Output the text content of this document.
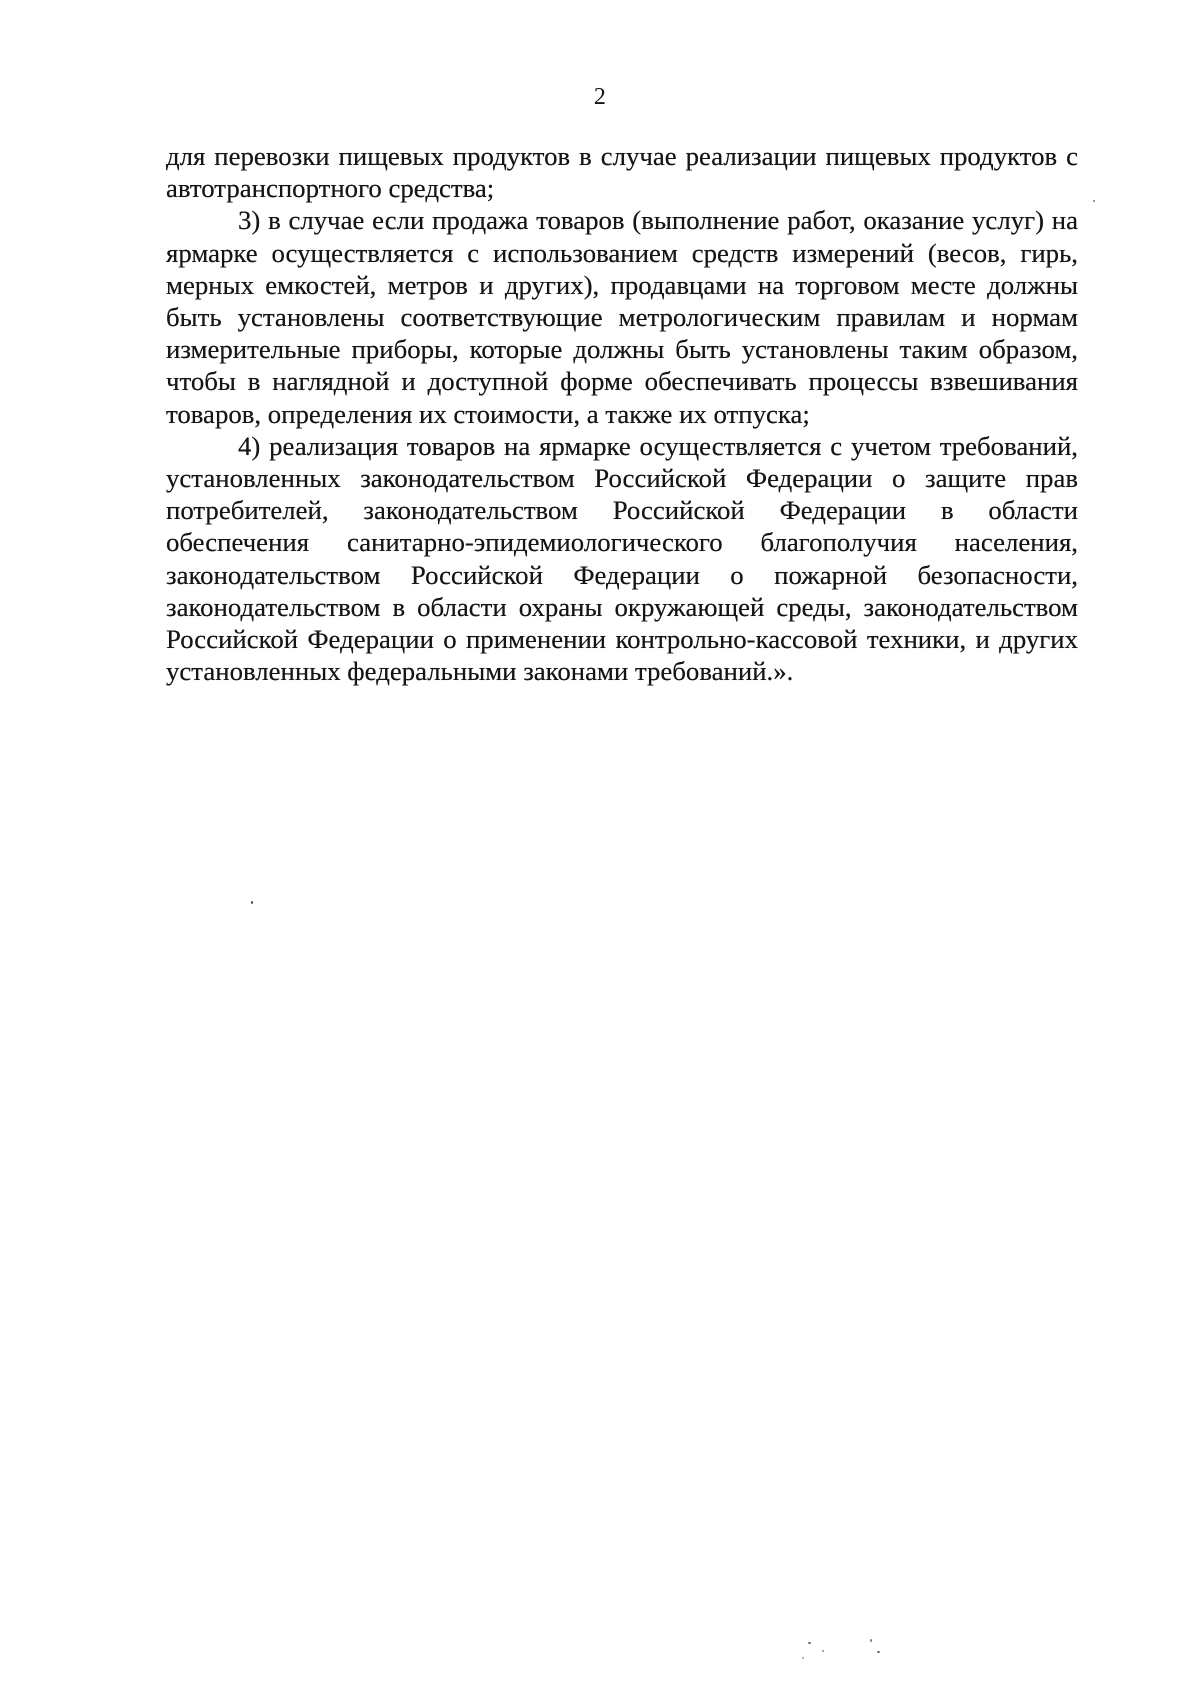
2

для перевозки пищевых продуктов в случае реализации пищевых продуктов с автотранспортного средства;

3) в случае если продажа товаров (выполнение работ, оказание услуг) на ярмарке осуществляется с использованием средств измерений (весов, гирь, мерных емкостей, метров и других), продавцами на торговом месте должны быть установлены соответствующие метрологическим правилам и нормам измерительные приборы, которые должны быть установлены таким образом, чтобы в наглядной и доступной форме обеспечивать процессы взвешивания товаров, определения их стоимости, а также их отпуска;

4) реализация товаров на ярмарке осуществляется с учетом требований, установленных законодательством Российской Федерации о защите прав потребителей, законодательством Российской Федерации в области обеспечения санитарно-эпидемиологического благополучия населения, законодательством Российской Федерации о пожарной безопасности, законодательством в области охраны окружающей среды, законодательством Российской Федерации о применении контрольно-кассовой техники, и других установленных федеральными законами требований.».
